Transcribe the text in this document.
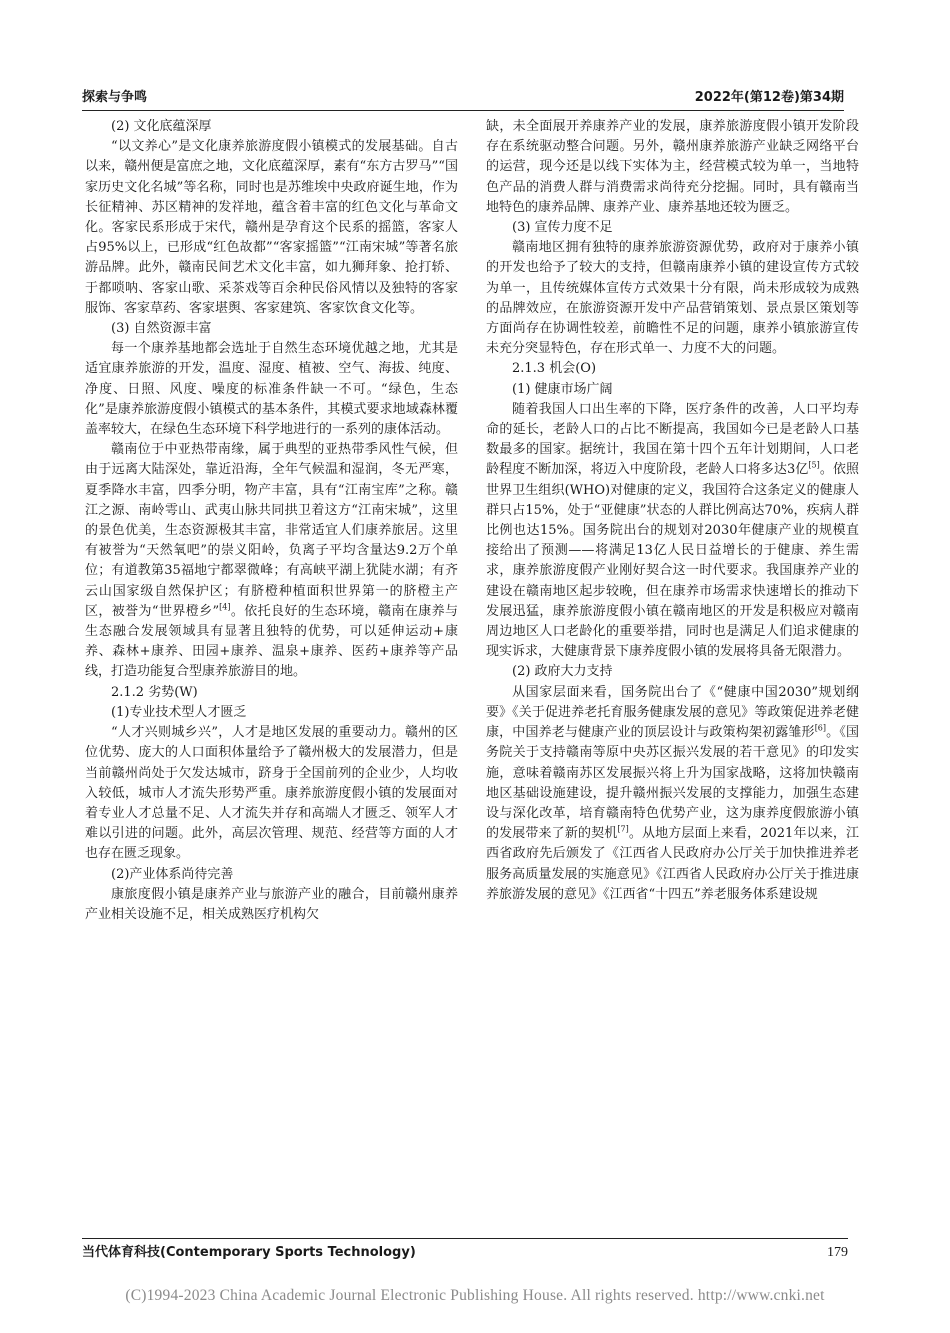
探索与争鸣	2022年(第12卷)第34期

(2) 文化底蕴深厚

“以文养心”是文化康养旅游度假小镇模式的发展基础。自古以来，赣州便是富庶之地，文化底蕴深厚，素有“东方古罗马”“国家历史文化名城”等名称，同时也是苏维埃中央政府诞生地，作为长征精神、苏区精神的发祥地，蕴含着丰富的红色文化与革命文化。客家民系形成于宋代，赣州是孕育这个民系的摇篮，客家人占95%以上，已形成“红色故都”“客家摇篮”“江南宋城”等著名旅游品牌。此外，赣南民间艺术文化丰富，如九狮拜象、抢打轿、于都唢呐、客家山歌、采茶戏等百余种民俗风情以及独特的客家服饰、客家草药、客家堪舆、客家建筑、客家饮食文化等。

(3) 自然资源丰富

每一个康养基地都会选址于自然生态环境优越之地，尤其是适宜康养旅游的开发，温度、湿度、植被、空气、海拔、纯度、净度、日照、风度、噪度的标准条件缺一不可。“绿色，生态化”是康养旅游度假小镇模式的基本条件，其模式要求地域森林覆盖率较大，在绿色生态环境下科学地进行的一系列的康体活动。

赣南位于中亚热带南缘，属于典型的亚热带季风性气候，但由于远离大陆深处，靠近沿海，全年气候温和湿润，冬无严寒，夏季降水丰富，四季分明，物产丰富，具有“江南宝库”之称。赣江之源、南岭雩山、武夷山脉共同拱卫着这方“江南宋城”，这里的景色优美，生态资源极其丰富，非常适宜人们康养旅居。这里有被誉为“天然氧吧”的崇义阳岭，负离子平均含量达9.2万个单位；有道教第35福地宁都翠微峰；有高峡平湖上犹陡水湖；有齐云山国家级自然保护区；有脐橙种植面积世界第一的脐橙主产区，被誉为“世界橙乡”[4]。依托良好的生态环境，赣南在康养与生态融合发展领域具有显著且独特的优势，可以延伸运动+康养、森林+康养、田园+康养、温泉+康养、医药+康养等产品线，打造功能复合型康养旅游目的地。

2.1.2 劣势(W)

(1)专业技术型人才匮乏

“人才兴则城乡兴”，人才是地区发展的重要动力。赣州的区位优势、庞大的人口面积体量给予了赣州极大的发展潜力，但是当前赣州尚处于欠发达城市，跻身于全国前列的企业少，人均收入较低，城市人才流失形势严重。康养旅游度假小镇的发展面对着专业人才总量不足、人才流失并存和高端人才匮乏、领军人才难以引进的问题。此外，高层次管理、规范、经营等方面的人才也存在匮乏现象。

(2)产业体系尚待完善

康旅度假小镇是康养产业与旅游产业的融合，目前赣州康养产业相关设施不足，相关成熟医疗机构欠

缺，未全面展开养康养产业的发展，康养旅游度假小镇开发阶段存在系统驱动整合问题。另外，赣州康养旅游产业缺乏网络平台的运营，现今还是以线下实体为主，经营模式较为单一，当地特色产品的消费人群与消费需求尚待充分挖掘。同时，具有赣南当地特色的康养品牌、康养产业、康养基地还较为匮乏。

(3) 宣传力度不足

赣南地区拥有独特的康养旅游资源优势，政府对于康养小镇的开发也给予了较大的支持，但赣南康养小镇的建设宣传方式较为单一，且传统媒体宣传方式效果十分有限，尚未形成较为成熟的品牌效应，在旅游资源开发中产品营销策划、景点景区策划等方面尚存在协调性较差，前瞻性不足的问题，康养小镇旅游宣传未充分突显特色，存在形式单一、力度不大的问题。

2.1.3 机会(O)

(1) 健康市场广阔

随着我国人口出生率的下降，医疗条件的改善，人口平均寿命的延长，老龄人口的占比不断提高，我国如今已是老龄人口基数最多的国家。据统计，我国在第十四个五年计划期间，人口老龄程度不断加深，将迈入中度阶段，老龄人口将多达3亿[5]。依照世界卫生组织(WHO)对健康的定义，我国符合这条定义的健康人群只占15%，处于“亚健康”状态的人群比例高达70%，疾病人群比例也达15%。国务院出台的规划对2030年健康产业的规模直接给出了预测——将满足13亿人民日益增长的于健康、养生需求，康养旅游度假产业刚好契合这一时代要求。我国康养产业的建设在赣南地区起步较晚，但在康养市场需求快速增长的推动下发展迅猛，康养旅游度假小镇在赣南地区的开发是积极应对赣南周边地区人口老龄化的重要举措，同时也是满足人们追求健康的现实诉求，大健康背景下康养度假小镇的发展将具备无限潜力。

(2) 政府大力支持

从国家层面来看，国务院出台了《“健康中国2030”规划纲要》《关于促进养老托育服务健康发展的意见》等政策促进养老健康，中国养老与健康产业的顶层设计与政策构架初露雏形[6]。《国务院关于支持赣南等原中央苏区振兴发展的若干意见》的印发实施，意味着赣南苏区发展振兴将上升为国家战略，这将加快赣南地区基础设施建设，提升赣州振兴发展的支撑能力，加强生态建设与深化改革，培育赣南特色优势产业，这为康养度假旅游小镇的发展带来了新的契机[7]。从地方层面上来看，2021年以来，江西省政府先后颁发了《江西省人民政府办公厅关于加快推进养老服务高质量发展的实施意见》《江西省人民政府办公厅关于推进康养旅游发展的意见》《江西省“十四五”养老服务体系建设规

当代体育科技(Contemporary Sports Technology)	179
(C)1994-2023 China Academic Journal Electronic Publishing House. All rights reserved. http://www.cnki.net
